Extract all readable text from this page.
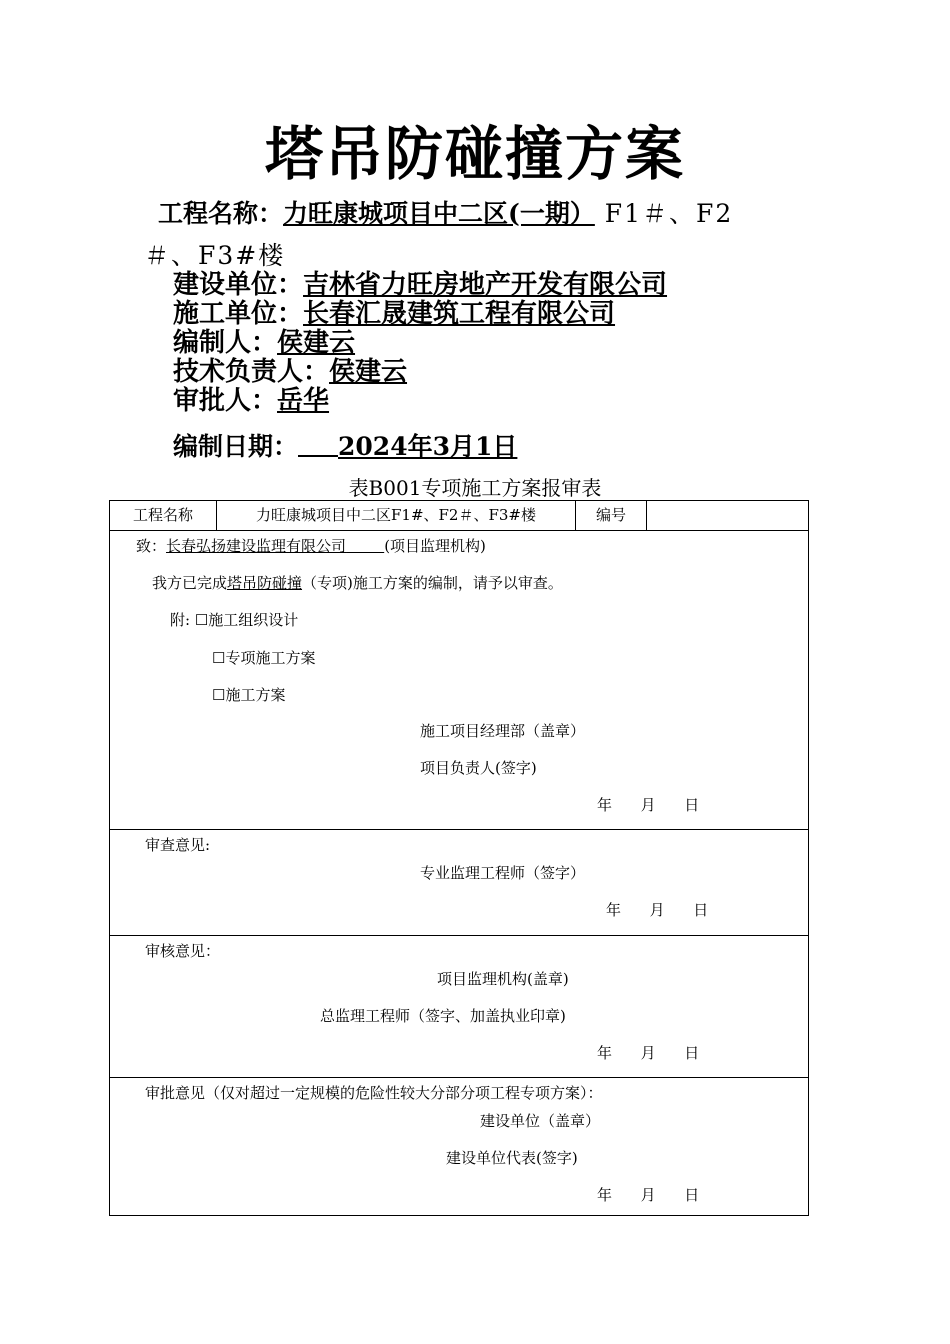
塔吊防碰撞方案
工程名称：力旺康城项目中二区(一期） F1＃、F2
＃、F3#楼
建设单位：吉林省力旺房地产开发有限公司
施工单位：长春汇晟建筑工程有限公司
编制人：侯建云
技术负责人：侯建云
审批人：岳华
编制日期： 2024年3月1日
表B001专项施工方案报审表
工程名称	力旺康城项目中二区F1#、F2＃、F3#楼	编号
致：长春弘扬建设监理有限公司	(项目监理机构)
我方已完成塔吊防碰撞（专项)施工方案的编制，请予以审查。
附: ☐施工组织设计
☐专项施工方案
☐施工方案
施工项目经理部（盖章）
项目负责人(签字)
年      月      日
审查意见:
专业监理工程师（签字）
年      月      日
审核意见：
项目监理机构(盖章)
总监理工程师（签字、加盖执业印章)
年      月      日
审批意见（仅对超过一定规模的危险性较大分部分项工程专项方案）：
建设单位（盖章）
建设单位代表(签字)
年      月      日
